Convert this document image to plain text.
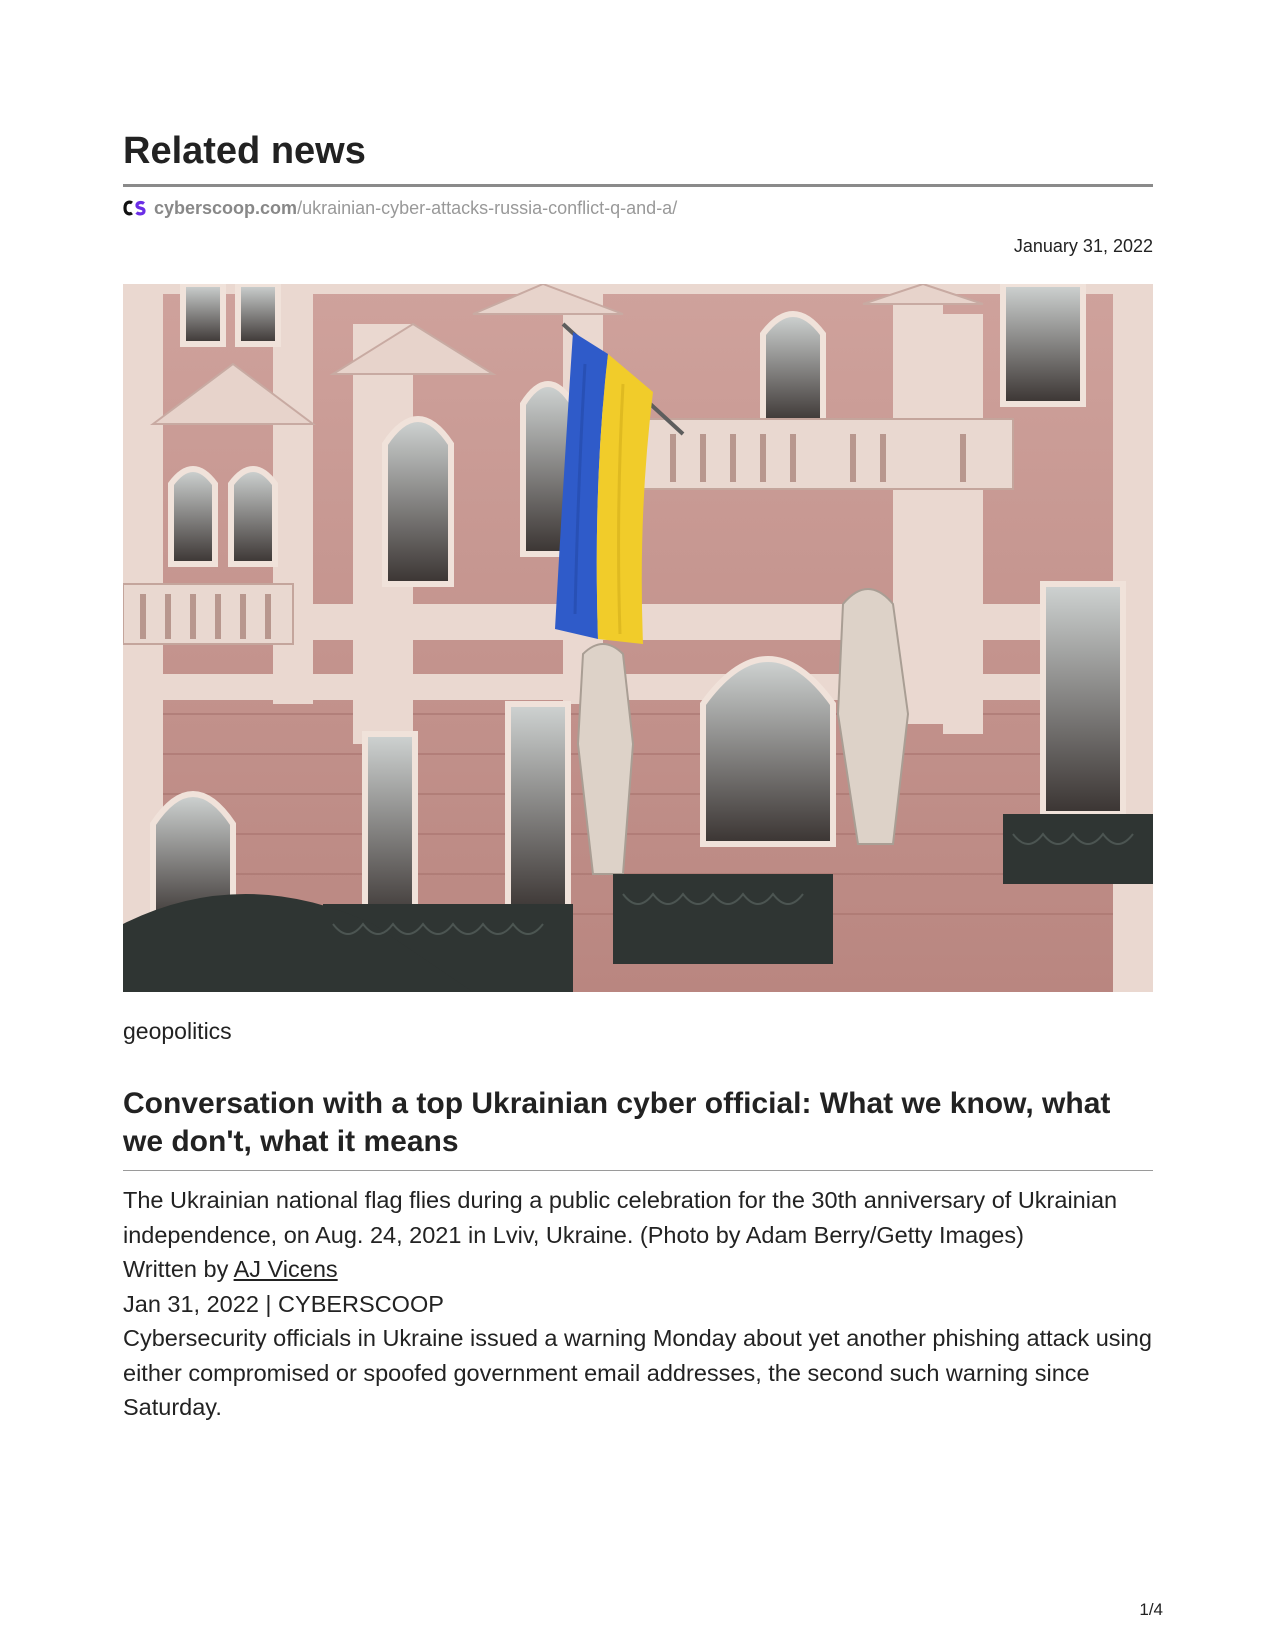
Related news
cyberscoop.com /ukrainian-cyber-attacks-russia-conflict-q-and-a/
January 31, 2022
geopolitics
Conversation with a top Ukrainian cyber official: What we know, what we don't, what it means

The Ukrainian national flag flies during a public celebration for the 30th anniversary of Ukrainian independence, on Aug. 24, 2021 in Lviv, Ukraine. (Photo by Adam Berry/Getty Images)

Written by AJ Vicens

Jan 31, 2022 | CYBERSCOOP

Cybersecurity officials in Ukraine issued a warning Monday about yet another phishing attack using either compromised or spoofed government email addresses, the second such warning since Saturday.

1/4
